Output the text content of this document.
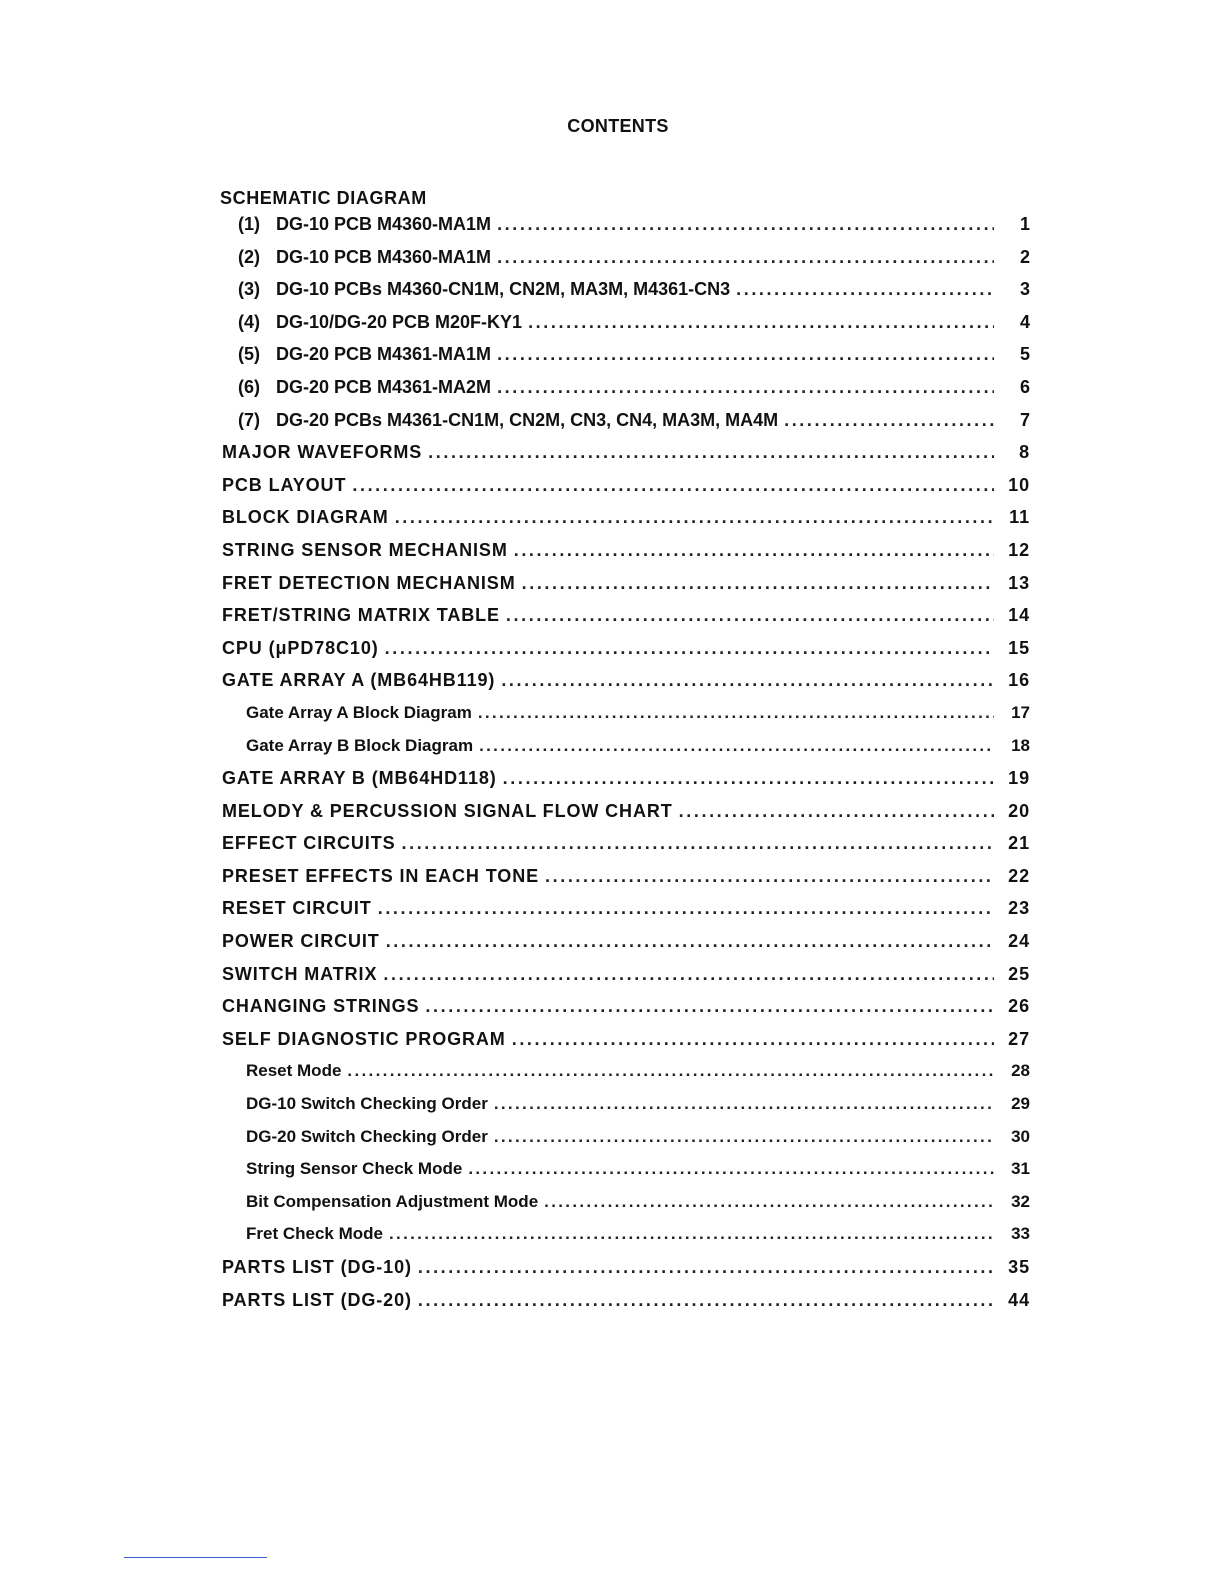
CONTENTS
SCHEMATIC DIAGRAM
(1) DG-10 PCB M4360-MA1M . . .	1
(2) DG-10 PCB M4360-MA1M . . .	2
(3) DG-10 PCBs M4360-CN1M, CN2M, MA3M, M4361-CN3 . . .	3
(4) DG-10/DG-20 PCB M20F-KY1 . . .	4
(5) DG-20 PCB M4361-MA1M . . .	5
(6) DG-20 PCB M4361-MA2M . . .	6
(7) DG-20 PCBs M4361-CN1M, CN2M, CN3, CN4, MA3M, MA4M . . .	7
MAJOR WAVEFORMS . . .	8
PCB LAYOUT . . .	10
BLOCK DIAGRAM . . .	11
STRING SENSOR MECHANISM . . .	12
FRET DETECTION MECHANISM . . .	13
FRET/STRING MATRIX TABLE . . .	14
CPU (μPD78C10) . . .	15
GATE ARRAY A (MB64HB119) . . .	16
Gate Array A Block Diagram . . .	17
Gate Array B Block Diagram . . .	18
GATE ARRAY B (MB64HD118) . . .	19
MELODY & PERCUSSION SIGNAL FLOW CHART . . .	20
EFFECT CIRCUITS . . .	21
PRESET EFFECTS IN EACH TONE . . .	22
RESET CIRCUIT . . .	23
POWER CIRCUIT . . .	24
SWITCH MATRIX . . .	25
CHANGING STRINGS . . .	26
SELF DIAGNOSTIC PROGRAM . . .	27
Reset Mode . . .	28
DG-10 Switch Checking Order . . .	29
DG-20 Switch Checking Order . . .	30
String Sensor Check Mode . . .	31
Bit Compensation Adjustment Mode . . .	32
Fret Check Mode . . .	33
PARTS LIST (DG-10) . . .	35
PARTS LIST (DG-20) . . .	44
